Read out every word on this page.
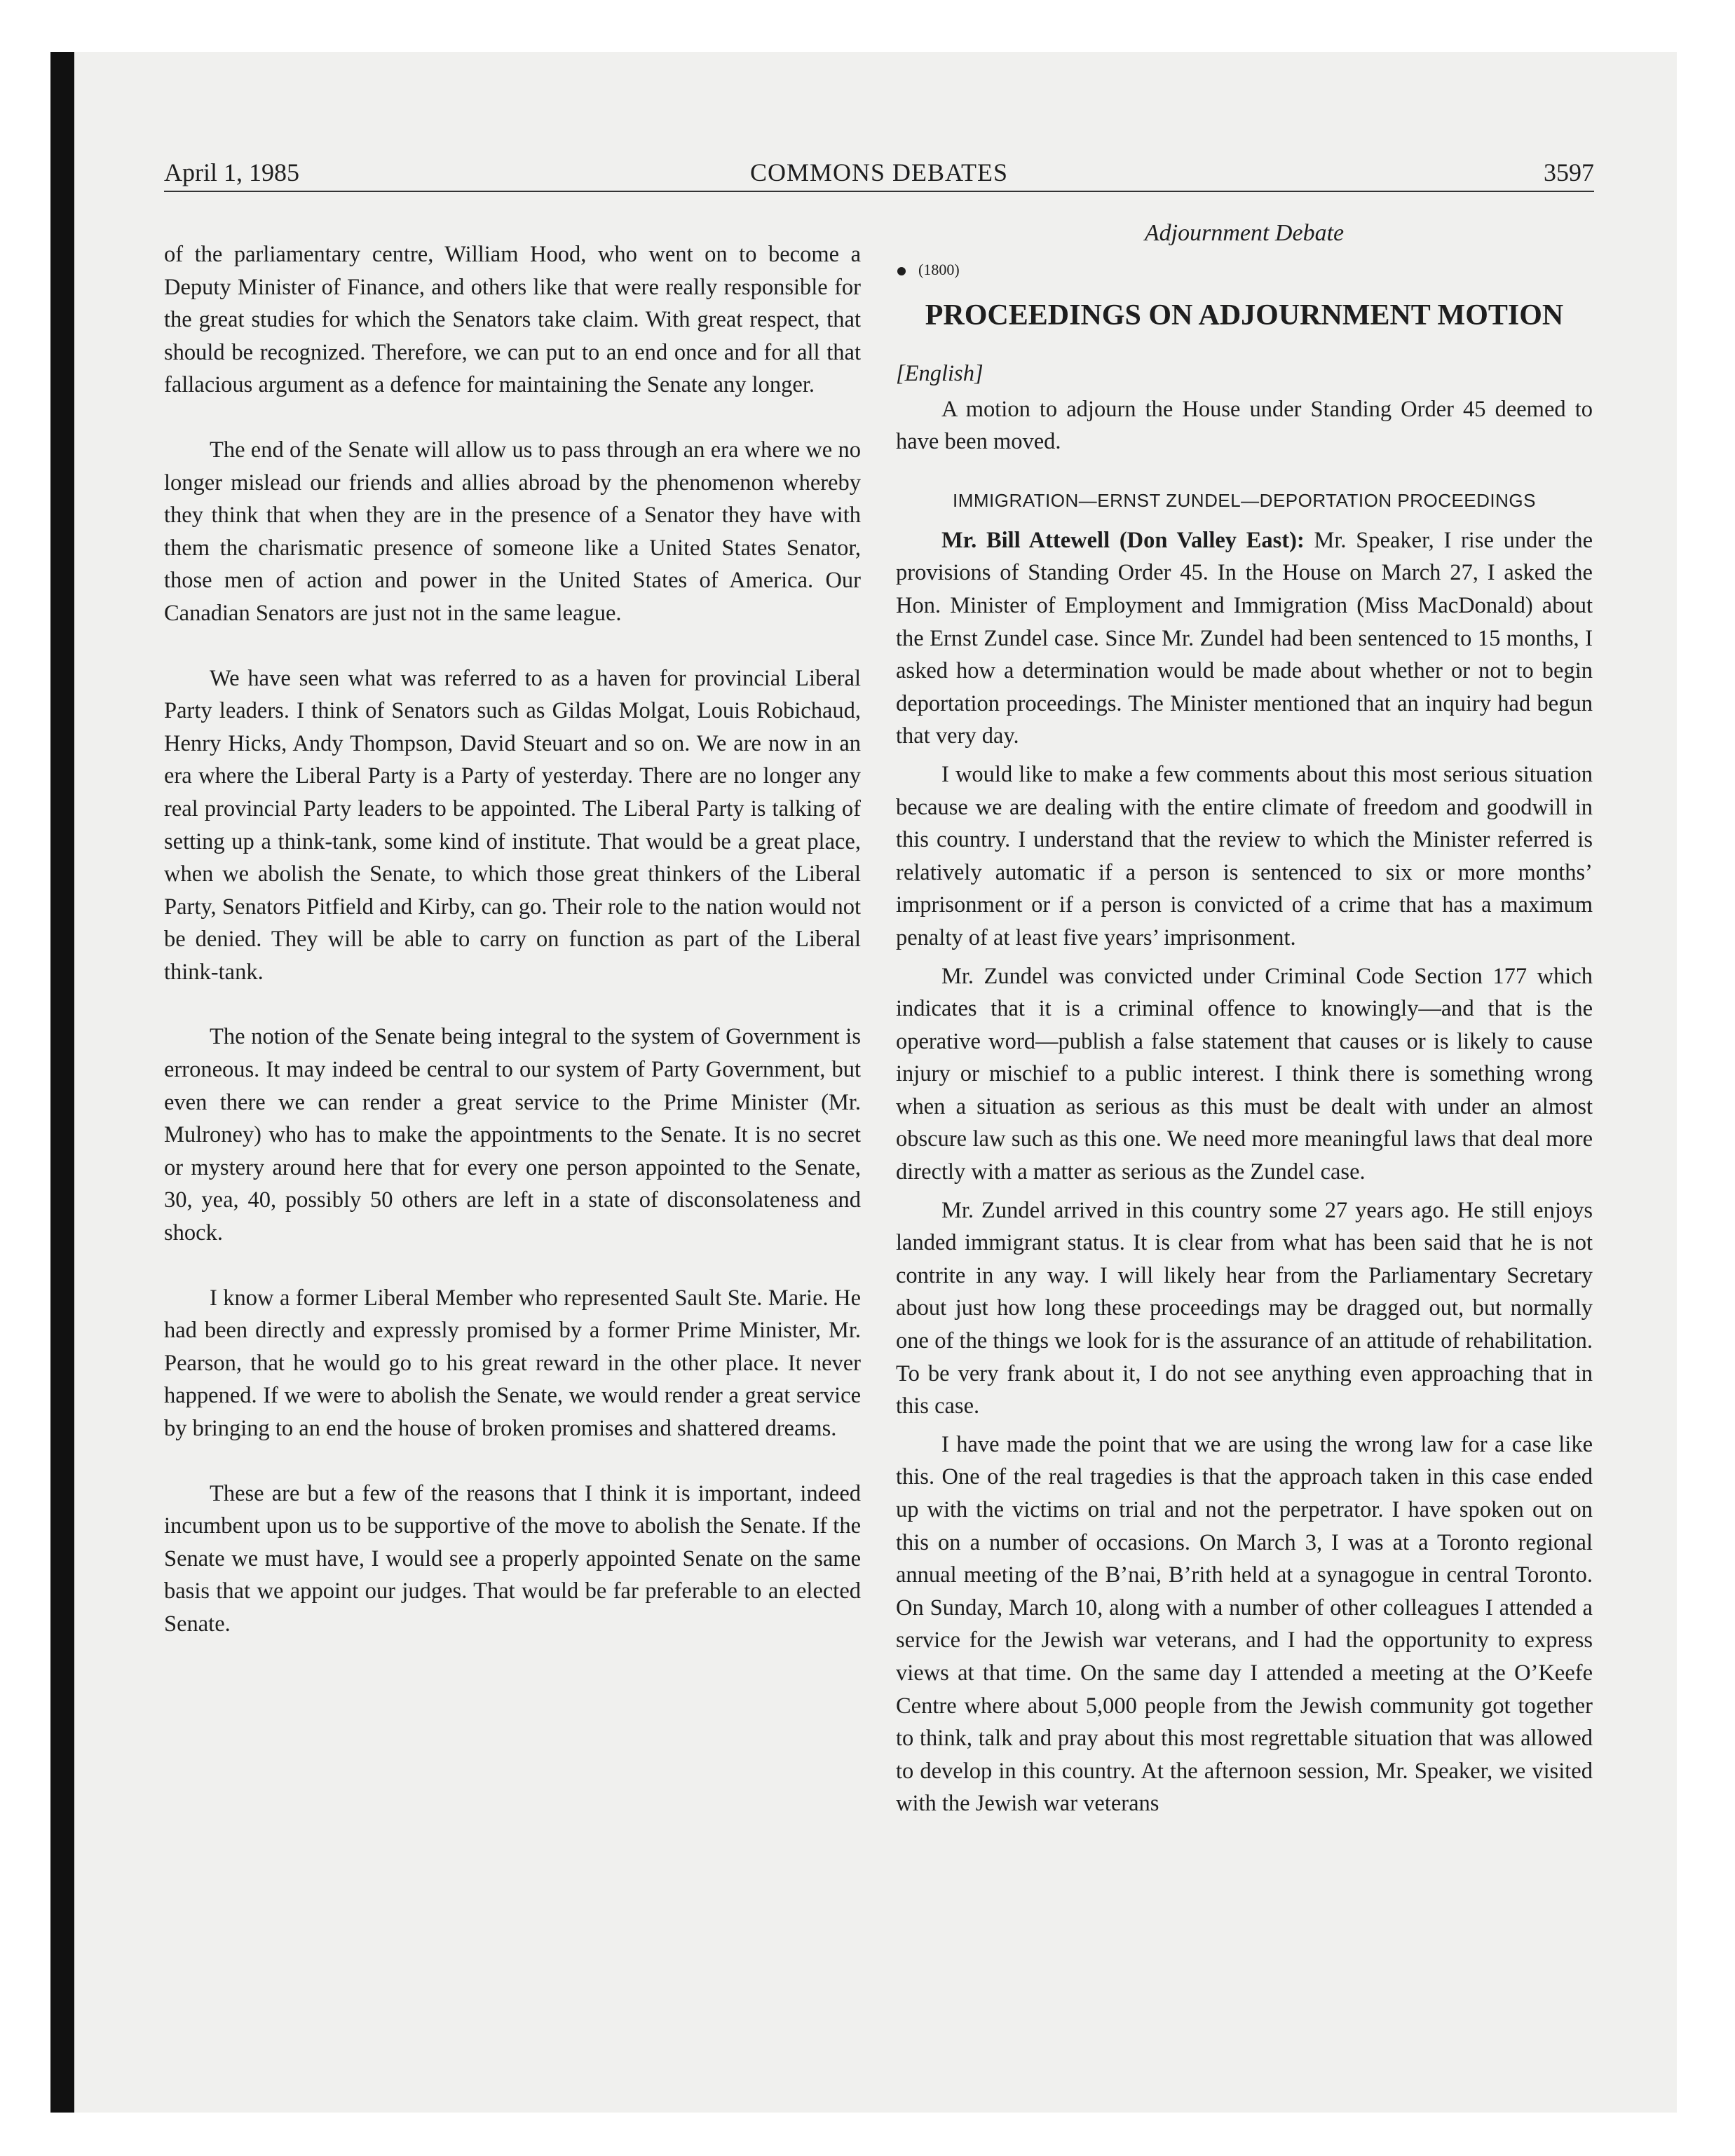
April 1, 1985	COMMONS DEBATES	3597

of the parliamentary centre, William Hood, who went on to become a Deputy Minister of Finance, and others like that were really responsible for the great studies for which the Senators take claim. With great respect, that should be recognized. Therefore, we can put to an end once and for all that fallacious argument as a defence for maintaining the Senate any longer.

The end of the Senate will allow us to pass through an era where we no longer mislead our friends and allies abroad by the phenomenon whereby they think that when they are in the presence of a Senator they have with them the charismatic presence of someone like a United States Senator, those men of action and power in the United States of America. Our Canadian Senators are just not in the same league.

We have seen what was referred to as a haven for provincial Liberal Party leaders. I think of Senators such as Gildas Molgat, Louis Robichaud, Henry Hicks, Andy Thompson, David Steuart and so on. We are now in an era where the Liberal Party is a Party of yesterday. There are no longer any real provincial Party leaders to be appointed. The Liberal Party is talking of setting up a think-tank, some kind of institute. That would be a great place, when we abolish the Senate, to which those great thinkers of the Liberal Party, Senators Pitfield and Kirby, can go. Their role to the nation would not be denied. They will be able to carry on function as part of the Liberal think-tank.

The notion of the Senate being integral to the system of Government is erroneous. It may indeed be central to our system of Party Government, but even there we can render a great service to the Prime Minister (Mr. Mulroney) who has to make the appointments to the Senate. It is no secret or mystery around here that for every one person appointed to the Senate, 30, yea, 40, possibly 50 others are left in a state of disconsolateness and shock.

I know a former Liberal Member who represented Sault Ste. Marie. He had been directly and expressly promised by a former Prime Minister, Mr. Pearson, that he would go to his great reward in the other place. It never happened. If we were to abolish the Senate, we would render a great service by bringing to an end the house of broken promises and shattered dreams.

These are but a few of the reasons that I think it is important, indeed incumbent upon us to be supportive of the move to abolish the Senate. If the Senate we must have, I would see a properly appointed Senate on the same basis that we appoint our judges. That would be far preferable to an elected Senate.

Adjournment Debate
(1800)
PROCEEDINGS ON ADJOURNMENT MOTION
[English]

A motion to adjourn the House under Standing Order 45 deemed to have been moved.

IMMIGRATION—ERNST ZUNDEL—DEPORTATION PROCEEDINGS

Mr. Bill Attewell (Don Valley East): Mr. Speaker, I rise under the provisions of Standing Order 45. In the House on March 27, I asked the Hon. Minister of Employment and Immigration (Miss MacDonald) about the Ernst Zundel case. Since Mr. Zundel had been sentenced to 15 months, I asked how a determination would be made about whether or not to begin deportation proceedings. The Minister mentioned that an inquiry had begun that very day.

I would like to make a few comments about this most serious situation because we are dealing with the entire climate of freedom and goodwill in this country. I understand that the review to which the Minister referred is relatively automatic if a person is sentenced to six or more months’ imprisonment or if a person is convicted of a crime that has a maximum penalty of at least five years’ imprisonment.

Mr. Zundel was convicted under Criminal Code Section 177 which indicates that it is a criminal offence to knowingly—and that is the operative word—publish a false statement that causes or is likely to cause injury or mischief to a public interest. I think there is something wrong when a situation as serious as this must be dealt with under an almost obscure law such as this one. We need more meaningful laws that deal more directly with a matter as serious as the Zundel case.

Mr. Zundel arrived in this country some 27 years ago. He still enjoys landed immigrant status. It is clear from what has been said that he is not contrite in any way. I will likely hear from the Parliamentary Secretary about just how long these proceedings may be dragged out, but normally one of the things we look for is the assurance of an attitude of rehabilitation. To be very frank about it, I do not see anything even approaching that in this case.

I have made the point that we are using the wrong law for a case like this. One of the real tragedies is that the approach taken in this case ended up with the victims on trial and not the perpetrator. I have spoken out on this on a number of occasions. On March 3, I was at a Toronto regional annual meeting of the B’nai, B’rith held at a synagogue in central Toronto. On Sunday, March 10, along with a number of other colleagues I attended a service for the Jewish war veterans, and I had the opportunity to express views at that time. On the same day I attended a meeting at the O’Keefe Centre where about 5,000 people from the Jewish community got together to think, talk and pray about this most regrettable situation that was allowed to develop in this country. At the afternoon session, Mr. Speaker, we visited with the Jewish war veterans
